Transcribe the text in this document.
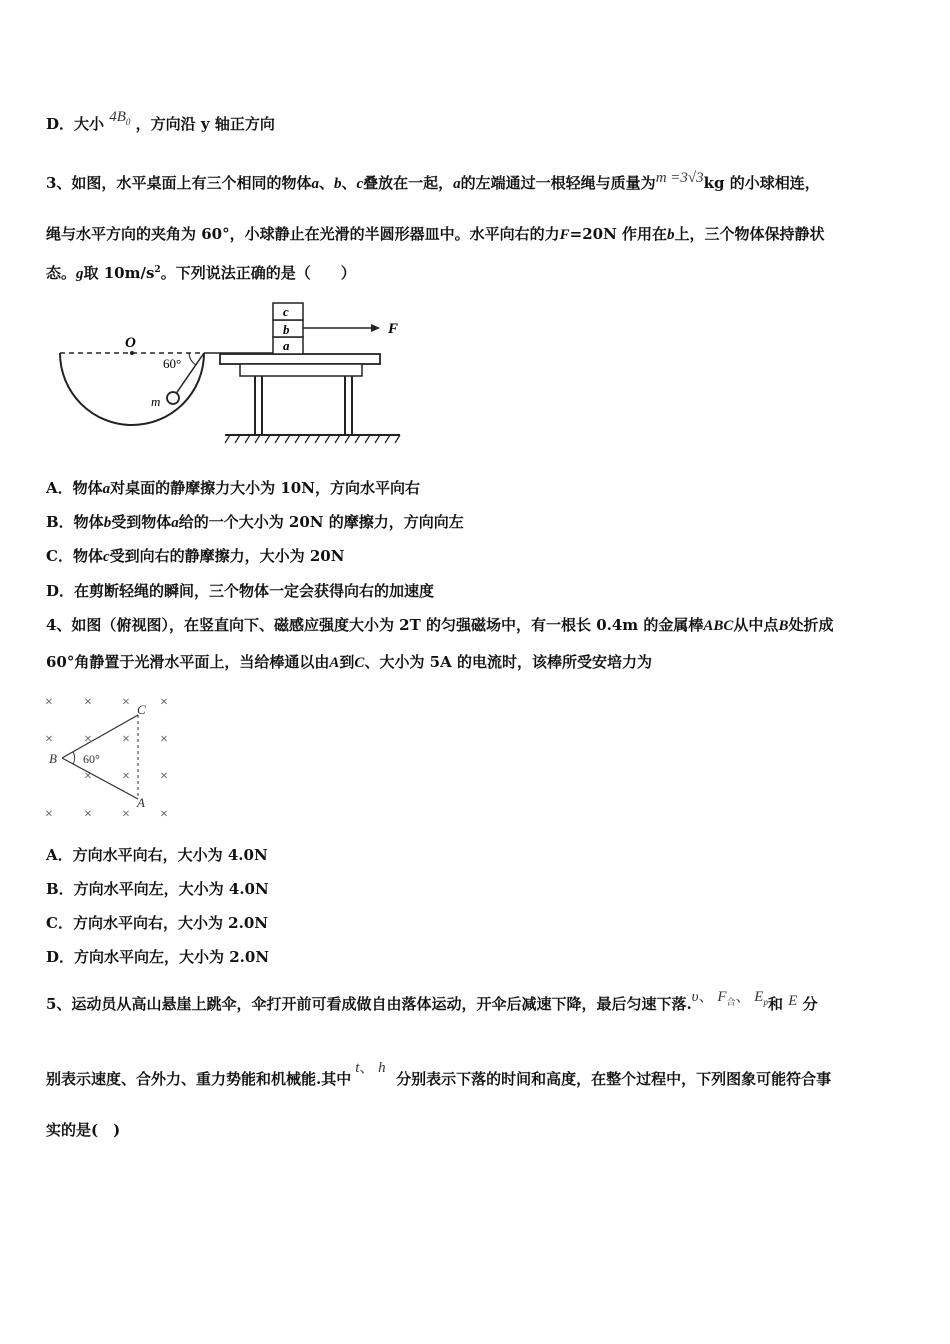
D．大小 $4B_0$ ，方向沿 y 轴正方向
3、如图，水平桌面上有三个相同的物体a、b、c叠放在一起，a的左端通过一根轻绳与质量为m =3√3kg 的小球相连，
绳与水平方向的夹角为 60°，小球静止在光滑的半圆形器皿中。水平向右的力F=20N 作用在b上，三个物体保持静状
态。g取 $10m/s^2$。下列说法正确的是（　　）
O
60°
m
a
b
c
F
A．物体a对桌面的静摩擦力大小为 10N，方向水平向右
B．物体b受到物体a给的一个大小为 20N 的摩擦力，方向向左
C．物体c受到向右的静摩擦力，大小为 20N
D．在剪断轻绳的瞬间，三个物体一定会获得向右的加速度
4、如图（俯视图），在竖直向下、磁感应强度大小为 2T 的匀强磁场中，有一根长 0.4m 的金属棒ABC从中点B处折成
60°角静置于光滑水平面上，当给棒通以由A到C、大小为 5A 的电流时，该棒所受安培力为
× × × ×
× × × ×
× × ×
× × × ×
60°
B
C
A
A．方向水平向右，大小为 4.0N
B．方向水平向左，大小为 4.0N
C．方向水平向右，大小为 2.0N
D．方向水平向左，大小为 2.0N
5、运动员从高山悬崖上跳伞，伞打开前可看成做自由落体运动，开伞后减速下降，最后匀速下落.υ、 $F_合$、 $E_p$和 E 分
别表示速度、合外力、重力势能和机械能.其中t、 h  分别表示下落的时间和高度，在整个过程中，下列图象可能符合事
实的是(　)
